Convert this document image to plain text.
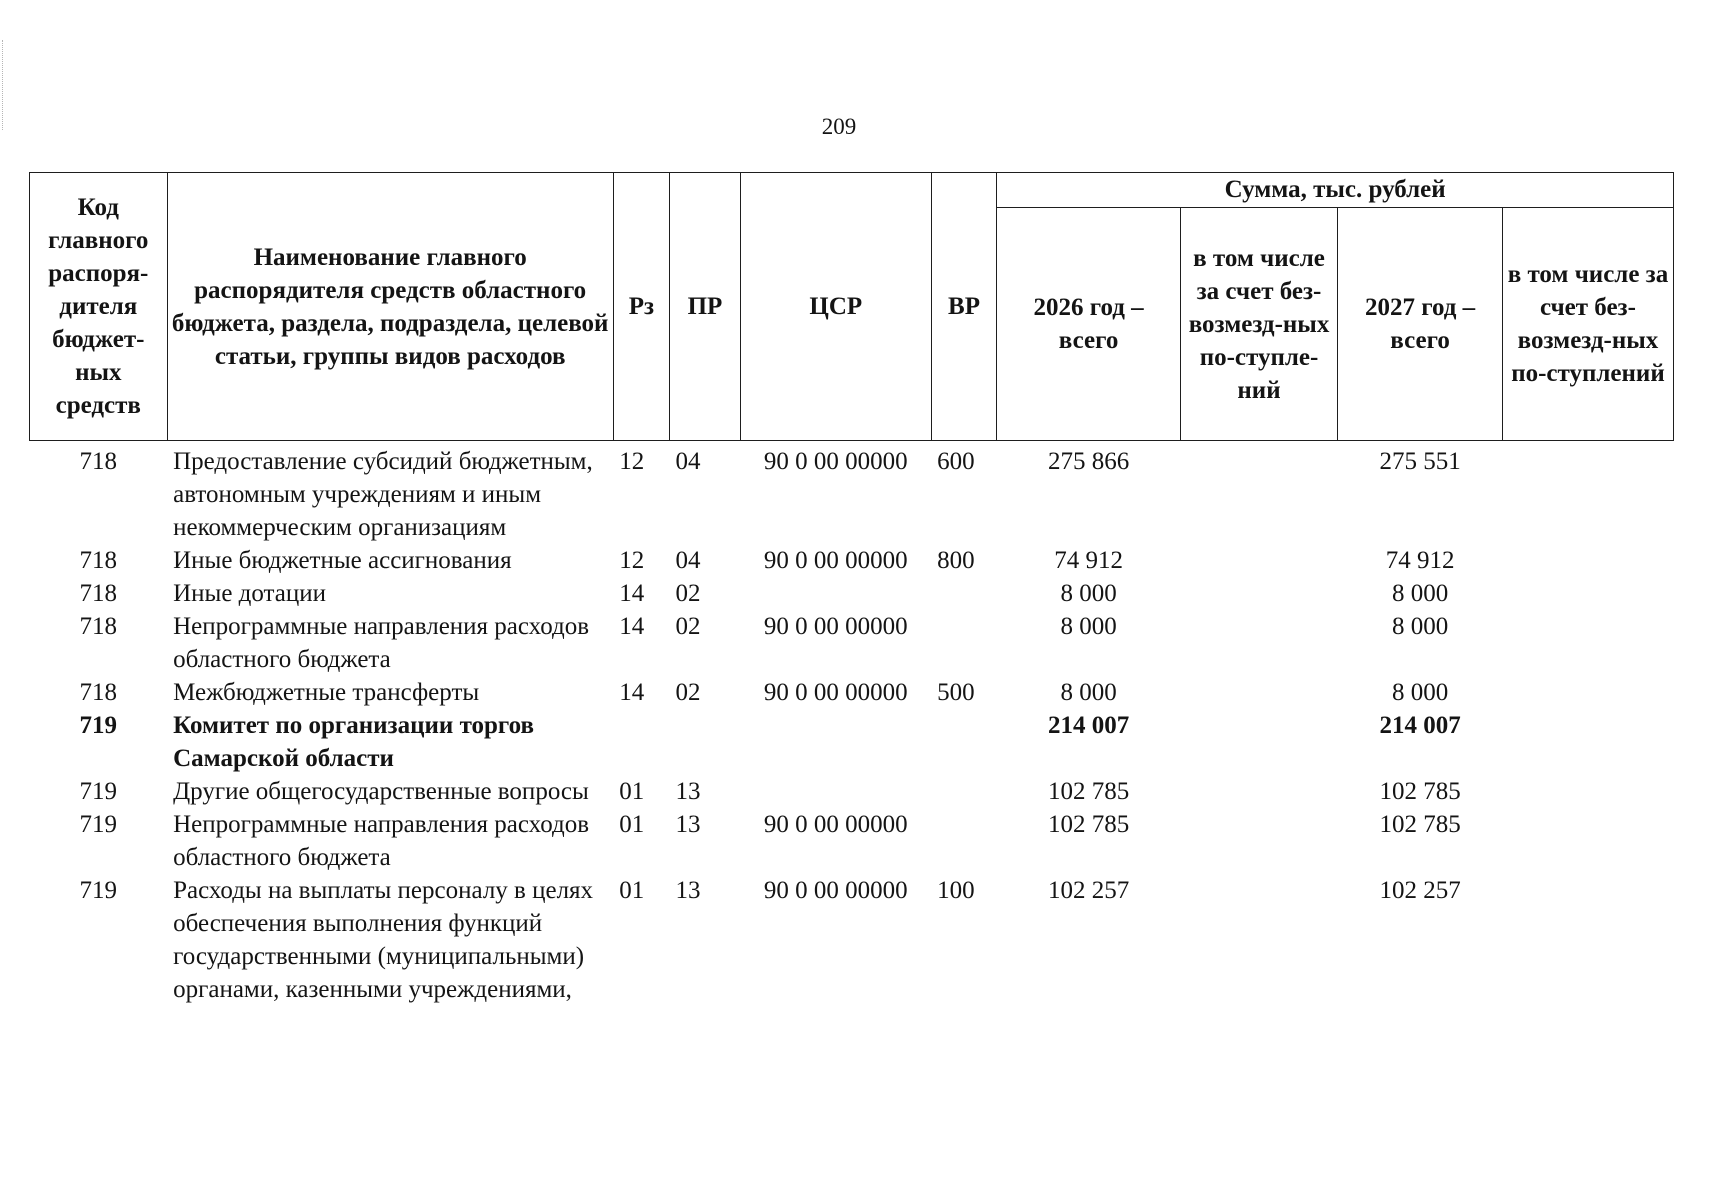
209
Код главного распоря-дителя бюджет-ных средств	Наименование главного распорядителя средств областного бюджета, раздела, подраздела, целевой статьи, группы видов расходов	Рз	ПР	ЦСР	ВР	Сумма, тыс. рублей			
						2026 год – всего	в том числе за счет без-возмезд-ных по-ступле-ний	2027 год – всего	в том числе за счет без-возмезд-ных по-ступлений
718	Предоставление субсидий бюджетным, автономным учреждениям и иным некоммерческим организациям	12	04	90 0 00 00000	600	275 866		275 551	
718	Иные бюджетные ассигнования	12	04	90 0 00 00000	800	74 912		74 912	
718	Иные дотации	14	02			8 000		8 000	
718	Непрограммные направления расходов областного бюджета	14	02	90 0 00 00000		8 000		8 000	
718	Межбюджетные трансферты	14	02	90 0 00 00000	500	8 000		8 000	
719	Комитет по организации торгов Самарской области					214 007		214 007	
719	Другие общегосударственные вопросы	01	13			102 785		102 785	
719	Непрограммные направления расходов областного бюджета	01	13	90 0 00 00000		102 785		102 785	
719	Расходы на выплаты персоналу в целях обеспечения выполнения функций государственными (муниципальными) органами, казенными учреждениями,	01	13	90 0 00 00000	100	102 257		102 257	
